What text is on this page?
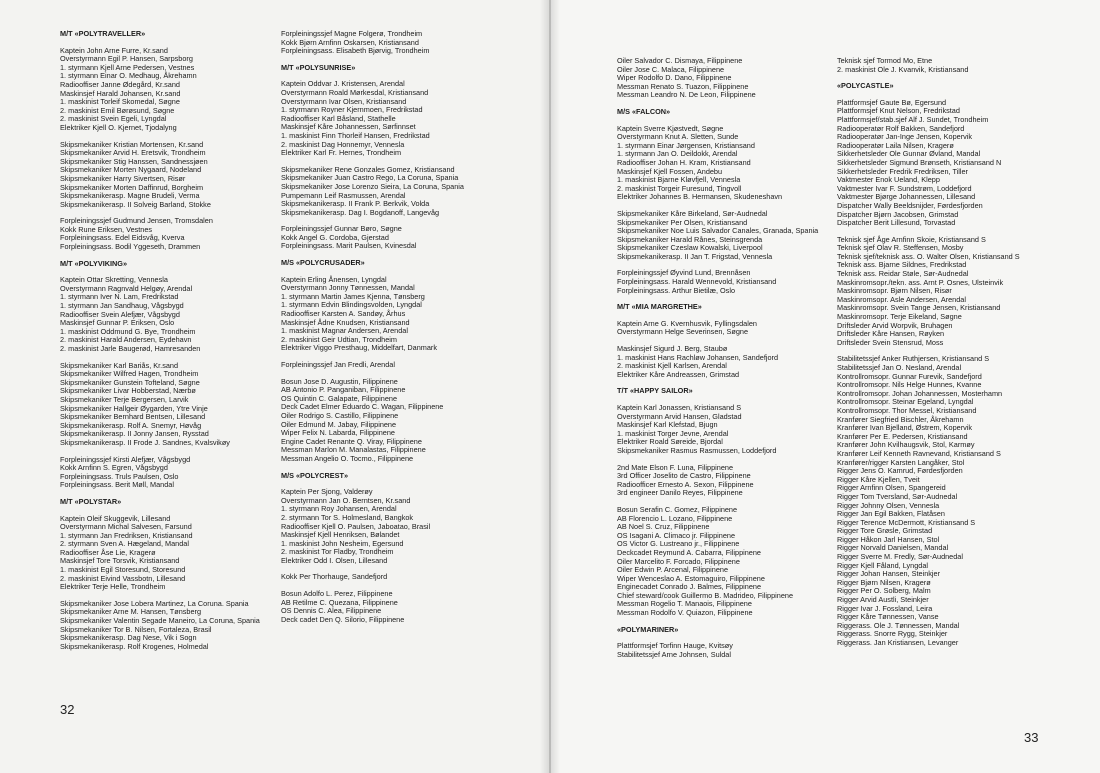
M/T «POLYTRAVELLER»
Kaptein John Arne Furre, Kr.sand
Overstyrmann Egil P. Hansen, Sarpsborg
1. styrmann Kjell Arne Pedersen, Vestnes
1. styrmann Einar O. Medhaug, Åkrehamn
Radiooffiser Janne Ødegård, Kr.sand
Maskinsjef Harald Johansen, Kr.sand
1. maskinist Torleif Skomedal, Søgne
2. maskinist Emil Børøsund, Søgne
2. maskinist Svein Egeli, Lyngdal
Elektriker Kjell O. Kjernet, Tjodalyng
Skipsmekaniker Kristian Mortensen, Kr.sand
Skipsmekaniker Arvid H. Eretsvik, Trondheim
Skipsmekaniker Stig Hanssen, Sandnessjøen
Skipsmekaniker Morten Nygaard, Nodeland
Skipsmekaniker Harry Sivertsen, Risør
Skipsmekaniker Morten Daffinrud, Borgheim
Skipsmekanikerasp. Magne Brudeli, Verma
Skipsmekanikerasp. II Solveig Barland, Stokke
Forpleiningssjef Gudmund Jensen, Tromsdalen
Kokk Rune Eriksen, Vestnes
Forpleiningsass. Edel Eidsvåg, Kverva
Forpleiningsass. Bodil Yggeseth, Drammen
M/T «POLYVIKING»
Kaptein Ottar Skretting, Vennesla
Overstyrmann Ragnvald Helgøy, Arendal
1. styrmann Iver N. Lam, Fredrikstad
1. styrmann Jan Sandhaug, Vågsbygd
Radiooffiser Svein Alefjær, Vågsbygd
Maskinsjef Gunnar P. Eriksen, Oslo
1. maskinist Oddmund G. Bye, Trondheim
2. maskinist Harald Andersen, Eydehavn
2. maskinist Jarle Baugerød, Hamresanden
Skipsmekaniker Karl Bariås, Kr.sand
Skipsmekaniker Wilfred Hagen, Trondheim
Skipsmekaniker Gunstein Tofteland, Søgne
Skipsmekaniker Livar Hobberstad, Nærbø
Skipsmekaniker Terje Bergersen, Larvik
Skipsmekaniker Hallgeir Øygarden, Ytre Vinje
Skipsmekaniker Bernhard Bentsen, Lillesand
Skipsmekanikerasp. Rolf A. Snemyr, Høvåg
Skipsmekanikerasp. II Jonny Jansen, Rysstad
Skipsmekanikerasp. II Frode J. Sandnes, Kvalsvikøy
Forpleiningssjef Kirsti Alefjær, Vågsbygd
Kokk Arnfinn S. Egren, Vågsbygd
Forpleiningsass. Truls Paulsen, Oslo
Forpleiningsass. Berit Møll, Mandal
M/T «POLYSTAR»
Kaptein Oleif Skuggevik, Lillesand
Overstyrmann Michal Salvesen, Farsund
1. styrmann Jan Fredriksen, Kristiansand
2. styrmann Sven A. Hægeland, Mandal
Radiooffiser Åse Lie, Kragerø
Maskinsjef Tore Torsvik, Kristiansand
1. maskinist Egil Storesund, Storesund
2. maskinist Eivind Vassbotn, Lillesand
Elektriker Terje Helle, Trondheim
Skipsmekaniker Jose Lobera Martinez, La Coruna. Spania
Skipsmekaniker Arne M. Hansen, Tønsberg
Skipsmekaniker Valentin Segade Maneiro, La Coruna, Spania
Skipsmekaniker Tor B. Nilsen, Fortaleza, Brasil
Skipsmekanikerasp. Dag Nese, Vik i Sogn
Skipsmekanikerasp. Rolf Krogenes, Holmedal
Forpleiningssjef Magne Folgerø, Trondheim
Kokk Bjørn Arnfinn Oskarsen, Kristiansand
Forpleiningsass. Elisabeth Bjørvig, Trondheim
M/T «POLYSUNRISE»
Kaptein Oddvar J. Kristensen, Arendal
Overstyrmann Roald Mørkesdal, Kristiansand
Overstyrmann Ivar Olsen, Kristiansand
1. styrmann Royner Kjernmoen, Fredrikstad
Radiooffiser Karl Båsland, Stathelle
Maskinsjef Kåre Johannessen, Sørfinnset
1. maskinist Finn Thorleif Hansen, Fredrikstad
2. maskinist Dag Honnemyr, Vennesla
Elektriker Karl Fr. Hernes, Trondheim
Skipsmekaniker Rene Gonzales Gomez, Kristiansand
Skipsmekaniker Juan Castro Rego, La Coruna, Spania
Skipsmekaniker Jose Lorenzo Sieira, La Coruna, Spania
Pumpemann Leif Rasmussen, Arendal
Skipsmekanikerasp. II Frank P. Berkvik, Volda
Skipsmekanikerasp. Dag I. Bogdanoff, Langevåg
Forpleiningssjef Gunnar Børo, Søgne
Kokk Angel G. Cordoba, Gjerstad
Forpleiningsass. Marit Paulsen, Kvinesdal
M/S «POLYCRUSADER»
Kaptein Erling Ånensen, Lyngdal
Overstyrmann Jonny Tønnessen, Mandal
1. styrmann Martin James Kjenna, Tønsberg
1. styrmann Edvin Blindingsvolden, Lyngdal
Radiooffiser Karsten A. Sandøy, Århus
Maskinsjef Ådne Knudsen, Kristiansand
1. maskinist Magnar Andersen, Arendal
2. maskinist Geir Udtian, Trondheim
Elektriker Viggo Presthaug, Middelfart, Danmark
Forpleiningssjef Jan Fredli, Arendal
Bosun Jose D. Augustin, Filippinene
AB Antonio P. Panganiban, Filippinene
OS Quintin C. Galapate, Filippinene
Deck Cadet Elmer Eduardo C. Wagan, Filippinene
Oiler Rodrigo S. Castillo, Filippinene
Oiler Edmund M. Jabay, Filippinene
Wiper Felix N. Labarda, Filippinene
Engine Cadet Renante Q. Viray, Filippinene
Messman Marlon M. Manalastas, Filippinene
Messman Angelio O. Tocmo., Filippinene
M/S «POLYCREST»
Kaptein Per Sjong, Valderøy
Overstyrmann Jan O. Berntsen, Kr.sand
1. styrmann Roy Johansen, Arendal
2. styrmann Tor S. Holmesland, Bangkok
Radiooffiser Kjell O. Paulsen, Jaboatao, Brasil
Maskinsjef Kjell Henriksen, Bølandet
1. maskinist John Nesheim, Egersund
2. maskinist Tor Fladby, Trondheim
Elektriker Odd I. Olsen, Lillesand
Kokk Per Thorhauge, Sandefjord
Bosun Adolfo L. Perez, Filippinene
AB Retilme C. Quezana, Filippinene
OS Dennis C. Alea, Filippinene
Deck cadet Den Q. Silorio, Filippinene
32
Oiler Salvador C. Dismaya, Filippinene
Oiler Jose C. Malaca, Filippinene
Wiper Rodolfo D. Dano, Filippinene
Messman Renato S. Tuazon, Filippinene
Messman Leandro N. De Leon, Filippinene
M/S «FALCON»
Kaptein Sverre Kjøstvedt, Søgne
Overstyrmann Knut A. Sletten, Sunde
1. styrmann Einar Jørgensen, Kristiansand
1. styrmann Jan O. Deildokk, Arendal
Radiooffiser Johan H. Kram, Kristiansand
Maskinsjef Kjell Fossen, Andebu
1. maskinist Bjarne Kløvfjell, Vennesla
2. maskinist Torgeir Furesund, Tingvoll
Elektriker Johannes B. Hermansen, Skudeneshavn
Skipsmekaniker Kåre Birkeland, Sør-Audnedal
Skipsmekaniker Per Olsen, Kristiansand
Skipsmekaniker Noe Luis Salvador Canales, Granada, Spania
Skipsmekaniker Harald Rånes, Steinsgrenda
Skipsmekaniker Czeslaw Kowalski, Liverpool
Skipsmekanikerasp. II Jan T. Frigstad, Vennesla
Forpleiningssjef Øyvind Lund, Brennåsen
Forpleiningsass. Harald Wennevold, Kristiansand
Forpleiningsass. Arthur Bietilæ, Oslo
M/T «MIA MARGRETHE»
Kaptein Arne G. Kvernhusvik, Fyllingsdalen
Overstyrmann Helge Severinsen, Søgne
Maskinsjef Sigurd J. Berg, Staubø
1. maskinist Hans Rachløw Johansen, Sandefjord
2. maskinist Kjell Karlsen, Arendal
Elektriker Kåre Andreassen, Grimstad
T/T «HAPPY SAILOR»
Kaptein Karl Jonassen, Kristiansand S
Overstyrmann Arvid Hansen, Gladstad
Maskinsjef Karl Klefstad, Bjugn
1. maskinist Torger Jevne, Arendal
Elektriker Roald Søreide, Bjordal
Skipsmekaniker Rasmus Rasmussen, Loddefjord
2nd Mate Elson F. Luna, Filippinene
3rd Officer Joselito de Castro, Filippinene
Radioofficer Ernesto A. Sexon, Filippinene
3rd engineer Danilo Reyes, Filippinene
Bosun Serafin C. Gomez, Filippinene
AB Florencio L. Lozano, Filippinene
AB Noel S. Cruz, Filippinene
OS Isagani A. Climaco jr. Filippinene
OS Victor G. Lustreano jr., Filippinene
Deckcadet Reymund A. Cabarra, Filippinene
Oiler Marcelito F. Forcado, Filippinene
Oiler Edwin P. Arcenal, Filippinene
Wiper Wenceslao A. Estomaguiro, Filippinene
Enginecadet Conrado J. Balmes, Filippinene
Chief steward/cook Guillermo B. Madrideo, Filippinene
Messman Rogelio T. Manaois, Filippinene
Messman Rodolfo V. Quiazon, Filippinene
«POLYMARINER»
Plattformsjef Torfinn Hauge, Kvitsøy
Stabilitetssjef Arne Johnsen, Suldal
Teknisk sjef Tormod Mo, Etne
2. maskinist Ole J. Kvanvik, Kristiansand
«POLYCASTLE»
Plattformsjef Gaute Bø, Egersund
Plattformsjef Knut Nelson, Fredrikstad
Plattformsjef/stab.sjef Alf J. Sundet, Trondheim
Radiooperatør Rolf Bakken, Sandefjord
Radiooperatør Jan-Inge Jensen, Kopervik
Radiooperatør Laila Nilsen, Kragerø
Sikkerhetsleder Ole Gunnar Øvland, Mandal
Sikkerhetsleder Sigmund Brønseth, Kristiansand N
Sikkerhetsleder Fredrik Fredriksen, Tiller
Vaktmester Enok Ueland, Klepp
Vaktmester Ivar F. Sundstrøm, Loddefjord
Vaktmester Bjørge Johannessen, Lillesand
Dispatcher Wally Beeldsnijder, Førdesfjorden
Dispatcher Bjørn Jacobsen, Grimstad
Dispatcher Berit Lillesund, Torvastad
Teknisk sjef Åge Arnfinn Skoie, Kristiansand S
Teknisk sjef Olav R. Steffensen, Mosby
Teknisk sjef/teknisk ass. O. Walter Olsen, Kristiansand S
Teknisk ass. Bjarne Sildnes, Fredrikstad
Teknisk ass. Reidar Støle, Sør-Audnedal
Maskinromsopr./tekn. ass. Arnt P. Osnes, Ulsteinvik
Maskinromsopr. Bjørn Nilsen, Risør
Maskinromsopr. Asle Andersen, Arendal
Maskinromsopr. Svein Tange Jensen, Kristiansand
Maskinromsopr. Terje Eikeland, Søgne
Driftsleder Arvid Worpvik, Bruhagen
Driftsleder Kåre Hansen, Røyken
Driftsleder Svein Stensrud, Moss
Stabilitetssjef Anker Ruthjersen, Kristiansand S
Stabilitetssjef Jan O. Nesland, Arendal
Kontrollromsopr. Gunnar Furevik, Sandefjord
Kontrollromsopr. Nils Helge Hunnes, Kvanne
Kontrollromsopr. Johan Johannessen, Mosterhamn
Kontrollromsopr. Steinar Egeland, Lyngdal
Kontrollromsopr. Thor Messel, Kristiansand
Kranfører Siegfried Bischler, Åkrehamn
Kranfører Ivan Bjelland, Østrem, Kopervik
Kranfører Per E. Pedersen, Kristiansand
Kranfører John Kvilhaugsvik, Stol, Karmøy
Kranfører Leif Kenneth Ravnevand, Kristiansand S
Kranfører/rigger Karsten Langåker, Stol
Rigger Jens O. Kamrud, Førdesfjorden
Rigger Kåre Kjellen, Tveit
Rigger Arnfinn Olsen, Spangereid
Rigger Tom Tversland, Sør-Audnedal
Rigger Johnny Olsen, Vennesla
Rigger Jan Egil Bakken, Flatåsen
Rigger Terence McDermott, Kristiansand S
Rigger Tore Grøsle, Grimstad
Rigger Håkon Jarl Hansen, Stol
Rigger Norvald Danielsen, Mandal
Rigger Sverre M. Fredly, Sør-Audnedal
Rigger Kjell Fåland, Lyngdal
Rigger Johan Hansen, Steinkjer
Rigger Bjørn Nilsen, Kragerø
Rigger Per O. Solberg, Malm
Rigger Arvid Austli, Steinkjer
Rigger Ivar J. Fossland, Leira
Rigger Kåre Tønnessen, Vanse
Riggerass. Ole J. Tønnessen, Mandal
Riggerass. Snorre Rygg, Steinkjer
Riggerass. Jan Kristiansen, Levanger
33
